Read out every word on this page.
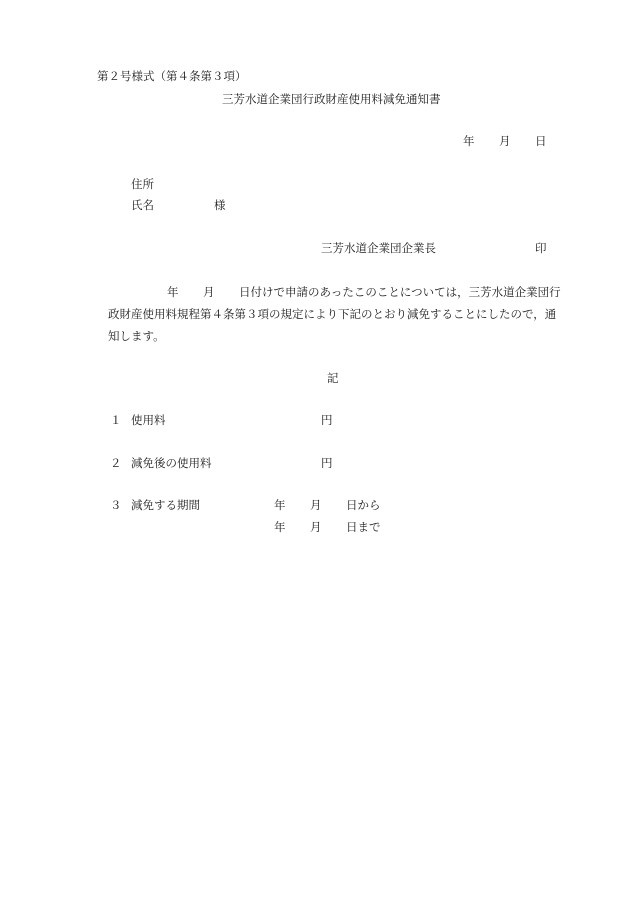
第２号様式（第４条第３項）
三芳水道企業団行政財産使用料減免通知書
年 月 日
住所
氏名	様
三芳水道企業団企業長	印
年 月 日付けで申請のあったこのことについては，三芳水道企業団行
政財産使用料規程第４条第３項の規定により下記のとおり減免することにしたので，通
知します。
記
１ 使用料	円
２ 減免後の使用料	円
３ 減免する期間	年 月 日から
年 月 日まで
